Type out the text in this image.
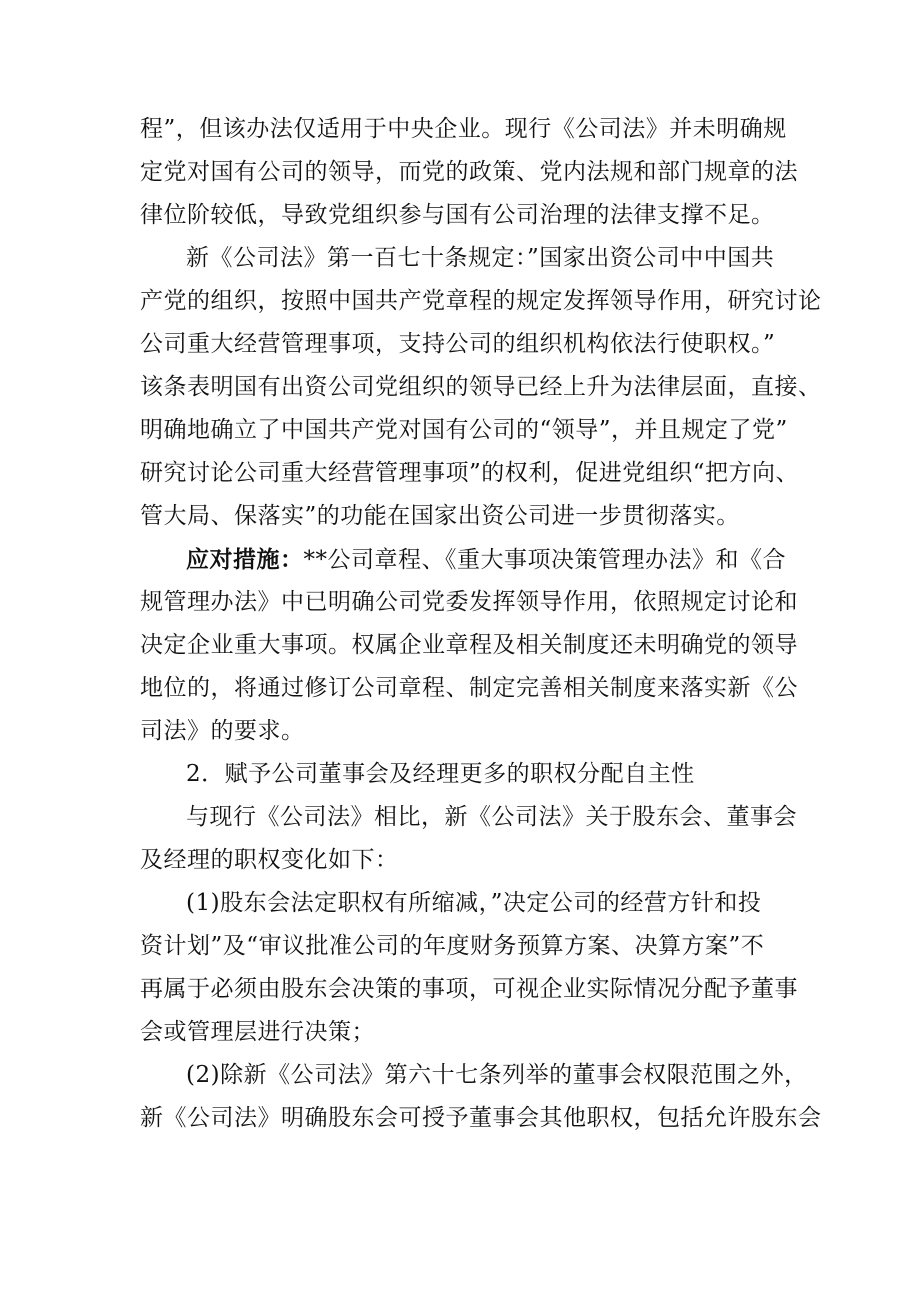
程”，但该办法仅适用于中央企业。现行《公司法》并未明确规

定党对国有公司的领导，而党的政策、党内法规和部门规章的法

律位阶较低，导致党组织参与国有公司治理的法律支撑不足。

新《公司法》第一百七十条规定：”国家出资公司中中国共

产党的组织，按照中国共产党章程的规定发挥领导作用，研究讨论

公司重大经营管理事项，支持公司的组织机构依法行使职权。”

该条表明国有出资公司党组织的领导已经上升为法律层面，直接、

明确地确立了中国共产党对国有公司的“领导”，并且规定了党”

研究讨论公司重大经营管理事项”的权利，促进党组织“把方向、

管大局、保落实”的功能在国家出资公司进一步贯彻落实。

应对措施：**公司章程、《重大事项决策管理办法》和《合

规管理办法》中已明确公司党委发挥领导作用，依照规定讨论和

决定企业重大事项。权属企业章程及相关制度还未明确党的领导

地位的，将通过修订公司章程、制定完善相关制度来落实新《公

司法》的要求。

2．赋予公司董事会及经理更多的职权分配自主性

与现行《公司法》相比，新《公司法》关于股东会、董事会

及经理的职权变化如下：

(1)股东会法定职权有所缩减，”决定公司的经营方针和投

资计划”及“审议批准公司的年度财务预算方案、决算方案”不

再属于必须由股东会决策的事项，可视企业实际情况分配予董事

会或管理层进行决策；

(2)除新《公司法》第六十七条列举的董事会权限范围之外，

新《公司法》明确股东会可授予董事会其他职权，包括允许股东会
